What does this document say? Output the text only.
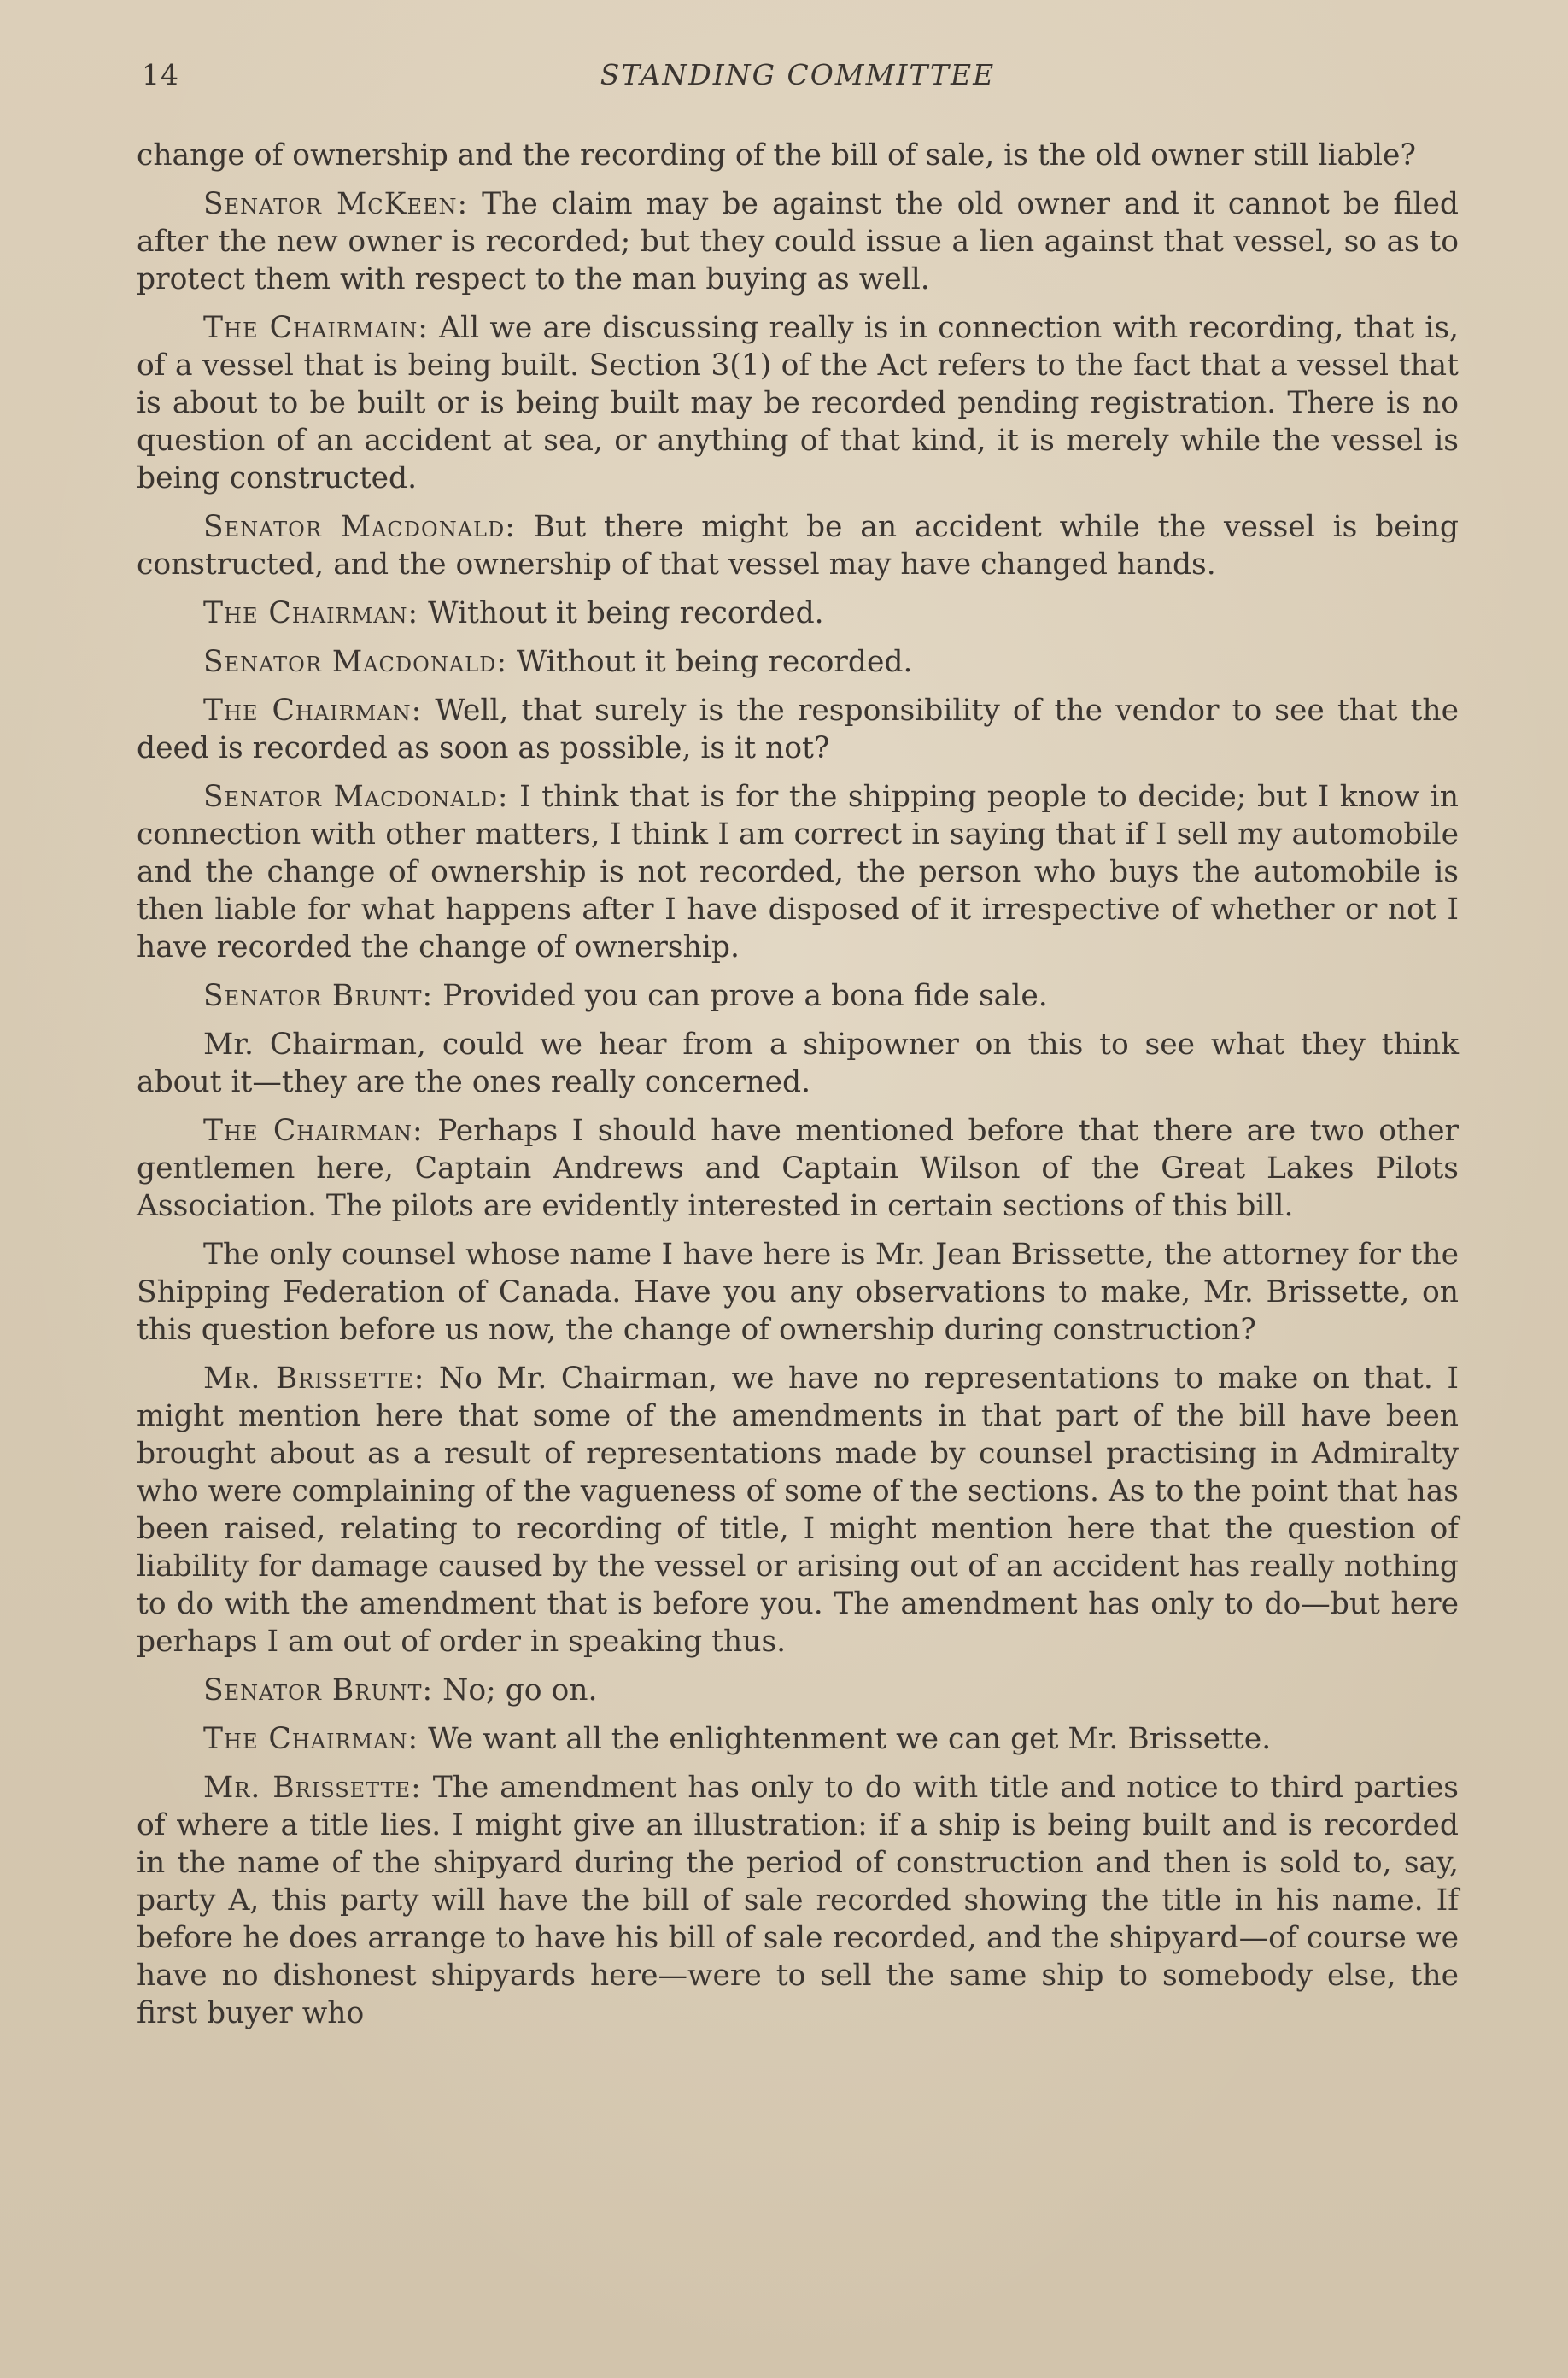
14	STANDING COMMITTEE

change of ownership and the recording of the bill of sale, is the old owner still liable?

Senator McKeen: The claim may be against the old owner and it cannot be filed after the new owner is recorded; but they could issue a lien against that vessel, so as to protect them with respect to the man buying as well.

The Chairmain: All we are discussing really is in connection with recording, that is, of a vessel that is being built. Section 3(1) of the Act refers to the fact that a vessel that is about to be built or is being built may be recorded pending registration. There is no question of an accident at sea, or anything of that kind, it is merely while the vessel is being constructed.

Senator Macdonald: But there might be an accident while the vessel is being constructed, and the ownership of that vessel may have changed hands.

The Chairman: Without it being recorded.

Senator Macdonald: Without it being recorded.

The Chairman: Well, that surely is the responsibility of the vendor to see that the deed is recorded as soon as possible, is it not?

Senator Macdonald: I think that is for the shipping people to decide; but I know in connection with other matters, I think I am correct in saying that if I sell my automobile and the change of ownership is not recorded, the person who buys the automobile is then liable for what happens after I have disposed of it irrespective of whether or not I have recorded the change of ownership.

Senator Brunt: Provided you can prove a bona fide sale.

Mr. Chairman, could we hear from a shipowner on this to see what they think about it—they are the ones really concerned.

The Chairman: Perhaps I should have mentioned before that there are two other gentlemen here, Captain Andrews and Captain Wilson of the Great Lakes Pilots Association. The pilots are evidently interested in certain sections of this bill.

The only counsel whose name I have here is Mr. Jean Brissette, the attorney for the Shipping Federation of Canada. Have you any observations to make, Mr. Brissette, on this question before us now, the change of ownership during construction?

Mr. Brissette: No Mr. Chairman, we have no representations to make on that. I might mention here that some of the amendments in that part of the bill have been brought about as a result of representations made by counsel practising in Admiralty who were complaining of the vagueness of some of the sections. As to the point that has been raised, relating to recording of title, I might mention here that the question of liability for damage caused by the vessel or arising out of an accident has really nothing to do with the amendment that is before you. The amendment has only to do—but here perhaps I am out of order in speaking thus.

Senator Brunt: No; go on.

The Chairman: We want all the enlightenment we can get Mr. Brissette.

Mr. Brissette: The amendment has only to do with title and notice to third parties of where a title lies. I might give an illustration: if a ship is being built and is recorded in the name of the shipyard during the period of construction and then is sold to, say, party A, this party will have the bill of sale recorded showing the title in his name. If before he does arrange to have his bill of sale recorded, and the shipyard—of course we have no dishonest shipyards here—were to sell the same ship to somebody else, the first buyer who
